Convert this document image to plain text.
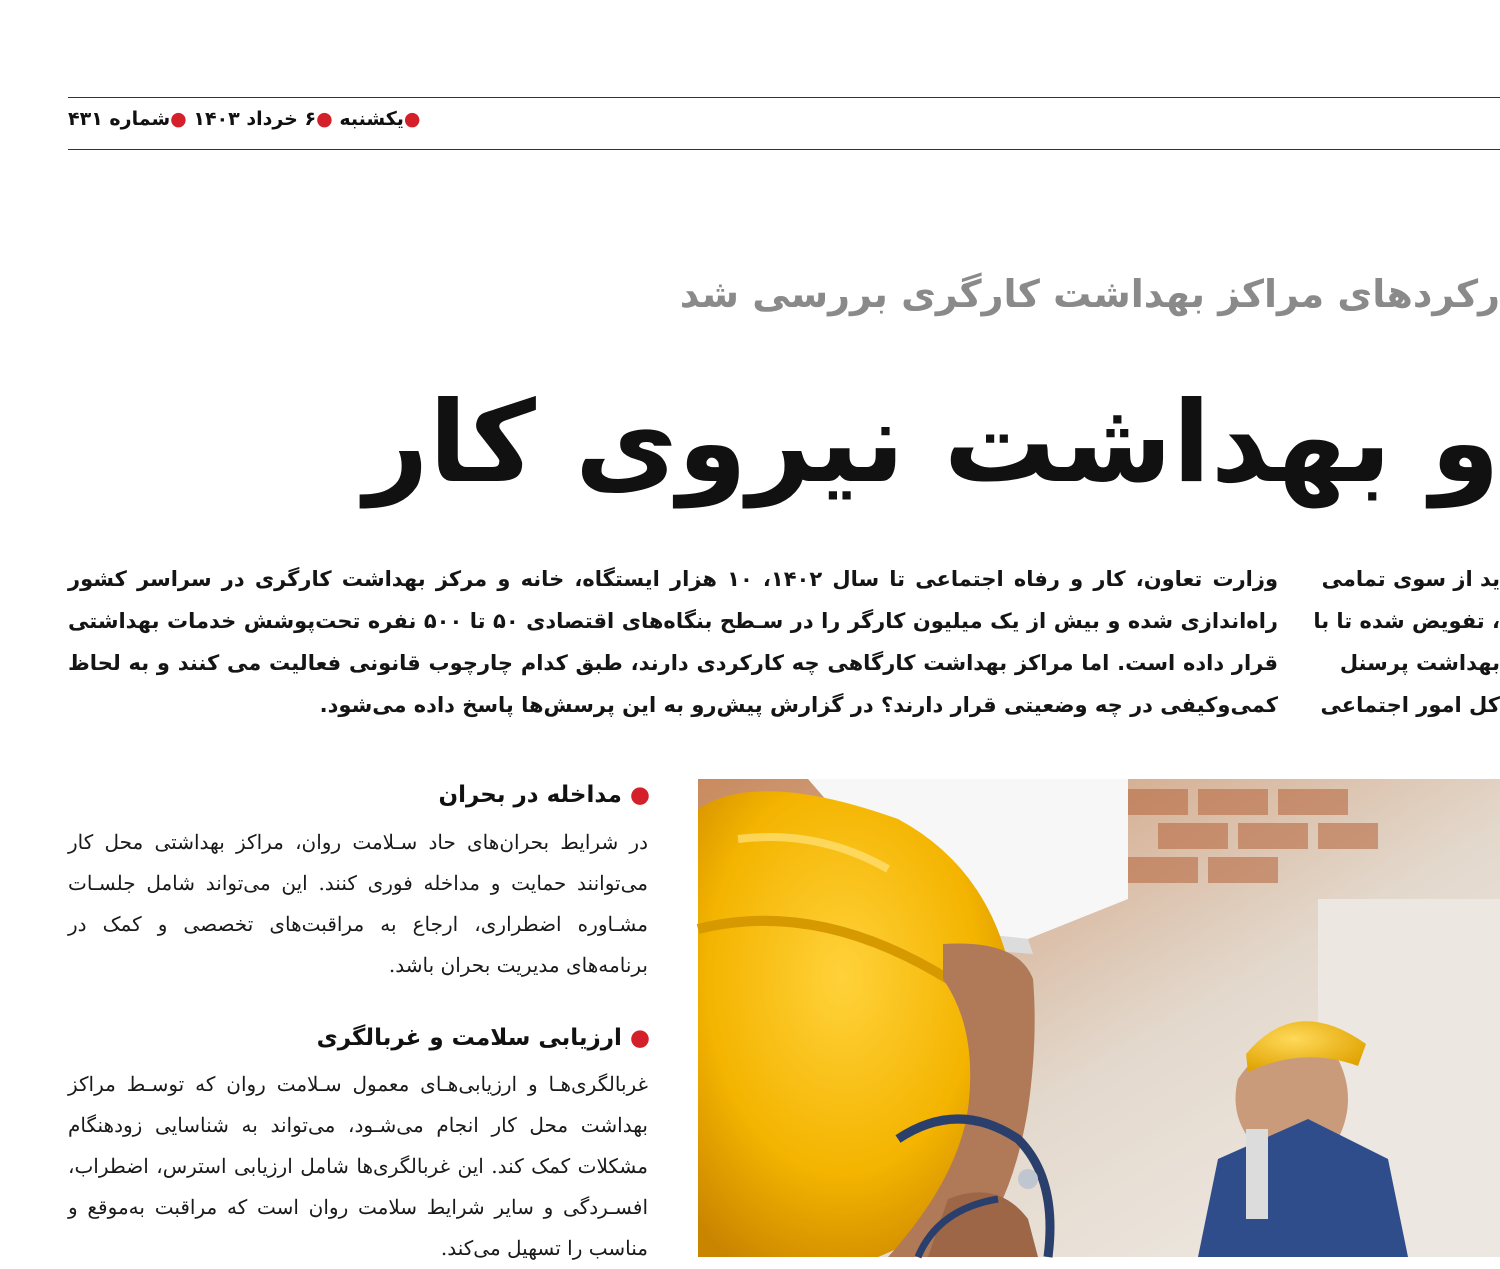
●یکشنبه ●۶ خرداد ۱۴۰۳ ●شماره ۴۳۱
رکردهای مراکز بهداشت کارگری بررسی شد
و بهداشت نیروی کار
وزارت تعاون، کار و رفاه اجتماعی تا سال ۱۴۰۲، ۱۰ هزار ایستگاه، خانه و مرکز بهداشت کارگری در سراسر کشور راه‌اندازی شده و بیش از یک میلیون کارگر را در سـطح بنگاه‌های اقتصادی ۵۰ تا ۵۰۰ نفره تحت‌پوشش خدمات بهداشتی قرار داده است. اما مراکز بهداشت کارگاهی چه کارکردی دارند، طبق کدام چارچوب قانونی فعالیت می کنند و به لحاظ کمی‌وکیفی در چه وضعیتی قرار دارند؟ در گزارش پیش‌رو به این پرسش‌ها پاسخ داده می‌شود.
ید از سوی تمامی
، تفویض شده تا با
بهداشت پرسنل
کل امور اجتماعی
● مداخله در بحران
در شرایط بحران‌های حاد سـلامت روان، مراکز بهداشتی محل کار می‌توانند حمایت و مداخله فوری کنند. این می‌تواند شامل جلسـات مشـاوره اضطراری، ارجاع به مراقبت‌های تخصصی و کمک در برنامه‌های مدیریت بحران باشد.
● ارزیابی سلامت و غربالگری
غربالگری‌هـا و ارزیابی‌هـای معمول سـلامت روان که توسـط مراکز بهداشت محل کار انجام می‌شـود، می‌تواند به شناسایی زودهنگام مشکلات کمک کند. این غربالگری‌ها شامل ارزیابی استرس، اضطراب، افسـردگی و سایر شرایط سلامت روان است که مراقبت به‌موقع و مناسب را تسهیل می‌کند.
